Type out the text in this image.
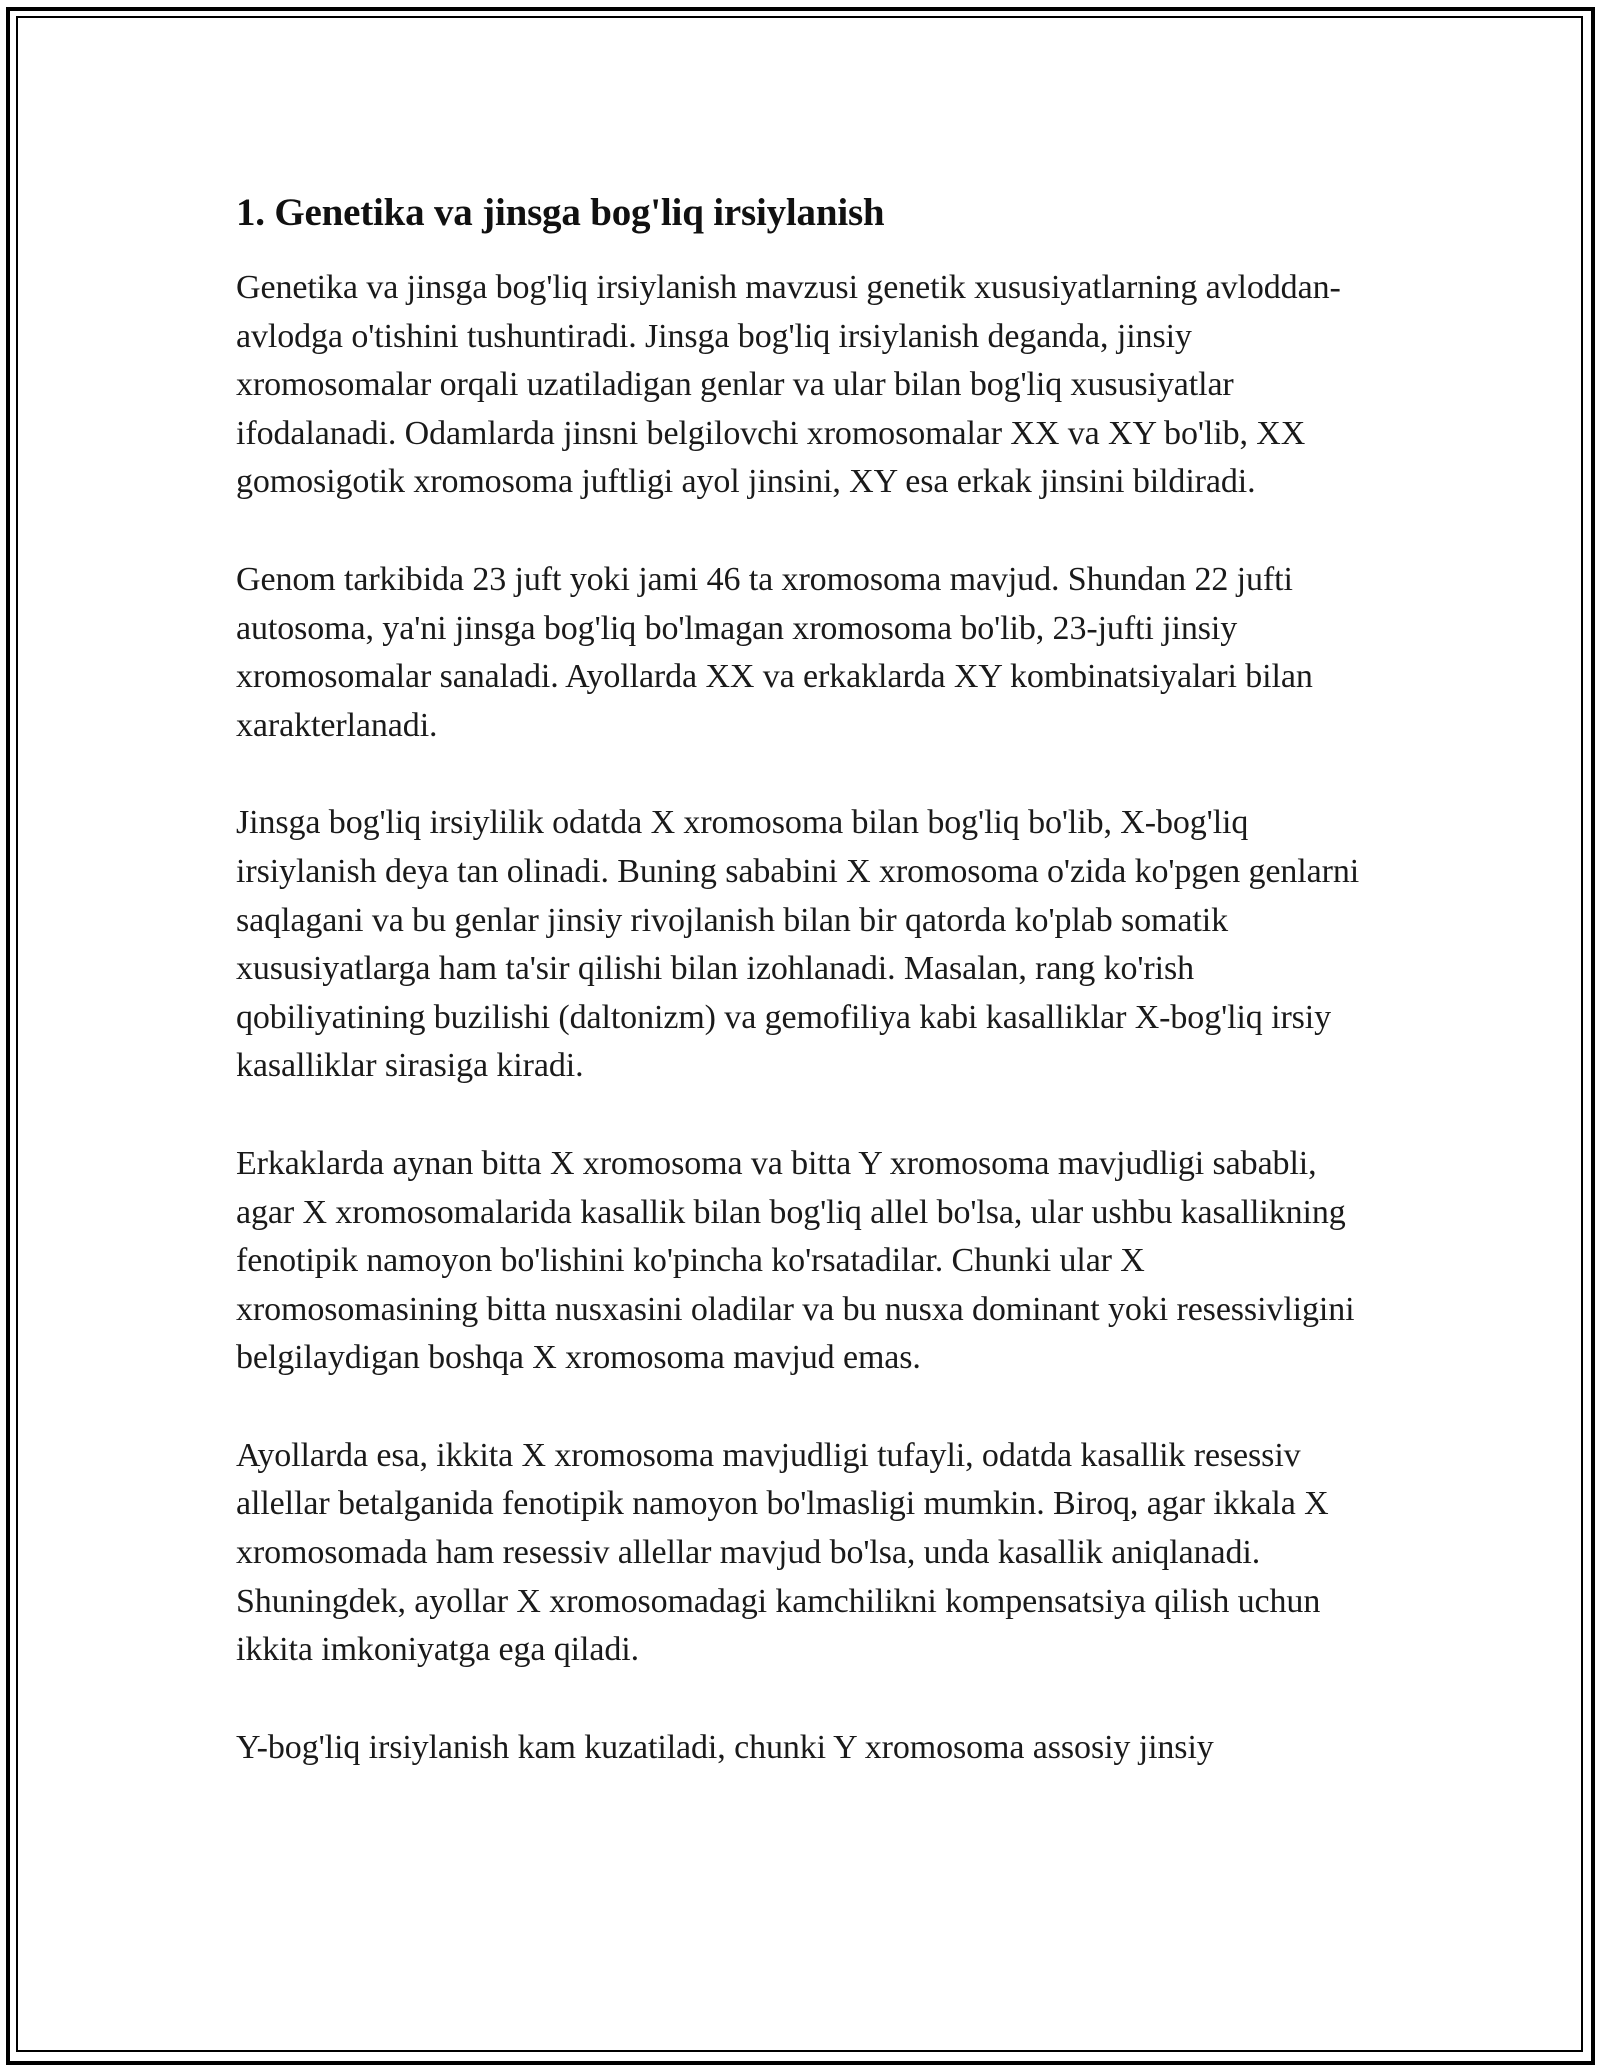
1. Genetika va jinsga bog'liq irsiylanish

Genetika va jinsga bog'liq irsiylanish mavzusi genetik xususiyatlarning avloddan-avlodga o'tishini tushuntiradi. Jinsga bog'liq irsiylanish deganda, jinsiy xromosomalar orqali uzatiladigan genlar va ular bilan bog'liq xususiyatlar ifodalanadi. Odamlarda jinsni belgilovchi xromosomalar XX va XY bo'lib, XX gomosigotik xromosoma juftligi ayol jinsini, XY esa erkak jinsini bildiradi.

Genom tarkibida 23 juft yoki jami 46 ta xromosoma mavjud. Shundan 22 jufti autosoma, ya'ni jinsga bog'liq bo'lmagan xromosoma bo'lib, 23-jufti jinsiy xromosomalar sanaladi. Ayollarda XX va erkaklarda XY kombinatsiyalari bilan xarakterlanadi.

Jinsga bog'liq irsiylilik odatda X xromosoma bilan bog'liq bo'lib, X-bog'liq irsiylanish deya tan olinadi. Buning sababini X xromosoma o'zida ko'pgen genlarni saqlagani va bu genlar jinsiy rivojlanish bilan bir qatorda ko'plab somatik xususiyatlarga ham ta'sir qilishi bilan izohlanadi. Masalan, rang ko'rish qobiliyatining buzilishi (daltonizm) va gemofiliya kabi kasalliklar X-bog'liq irsiy kasalliklar sirasiga kiradi.

Erkaklarda aynan bitta X xromosoma va bitta Y xromosoma mavjudligi sababli, agar X xromosomalarida kasallik bilan bog'liq allel bo'lsa, ular ushbu kasallikning fenotipik namoyon bo'lishini ko'pincha ko'rsatadilar. Chunki ular X xromosomasining bitta nusxasini oladilar va bu nusxa dominant yoki resessivligini belgilaydigan boshqa X xromosoma mavjud emas.

Ayollarda esa, ikkita X xromosoma mavjudligi tufayli, odatda kasallik resessiv allellar betalganida fenotipik namoyon bo'lmasligi mumkin. Biroq, agar ikkala X xromosomada ham resessiv allellar mavjud bo'lsa, unda kasallik aniqlanadi. Shuningdek, ayollar X xromosomadagi kamchilikni kompensatsiya qilish uchun ikkita imkoniyatga ega qiladi.

Y-bog'liq irsiylanish kam kuzatiladi, chunki Y xromosoma assosiy jinsiy
